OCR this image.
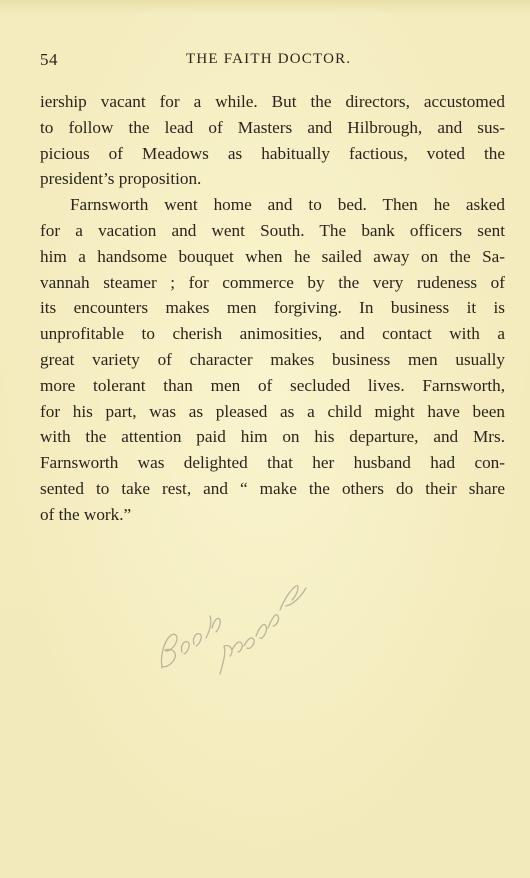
54	THE FAITH DOCTOR.
iership vacant for a while. But the directors, accustomed
to follow the lead of Masters and Hilbrough, and sus-
picious of Meadows as habitually factious, voted the
president’s proposition.
Farnsworth went home and to bed. Then he asked
for a vacation and went South. The bank officers sent
him a handsome bouquet when he sailed away on the Sa-
vannah steamer ; for commerce by the very rudeness of
its encounters makes men forgiving. In business it is
unprofitable to cherish animosities, and contact with a
great variety of character makes business men usually
more tolerant than men of secluded lives. Farnsworth,
for his part, was as pleased as a child might have been
with the attention paid him on his departure, and Mrs.
Farnsworth was delighted that her husband had con-
sented to take rest, and “ make the others do their share
of the work.”
